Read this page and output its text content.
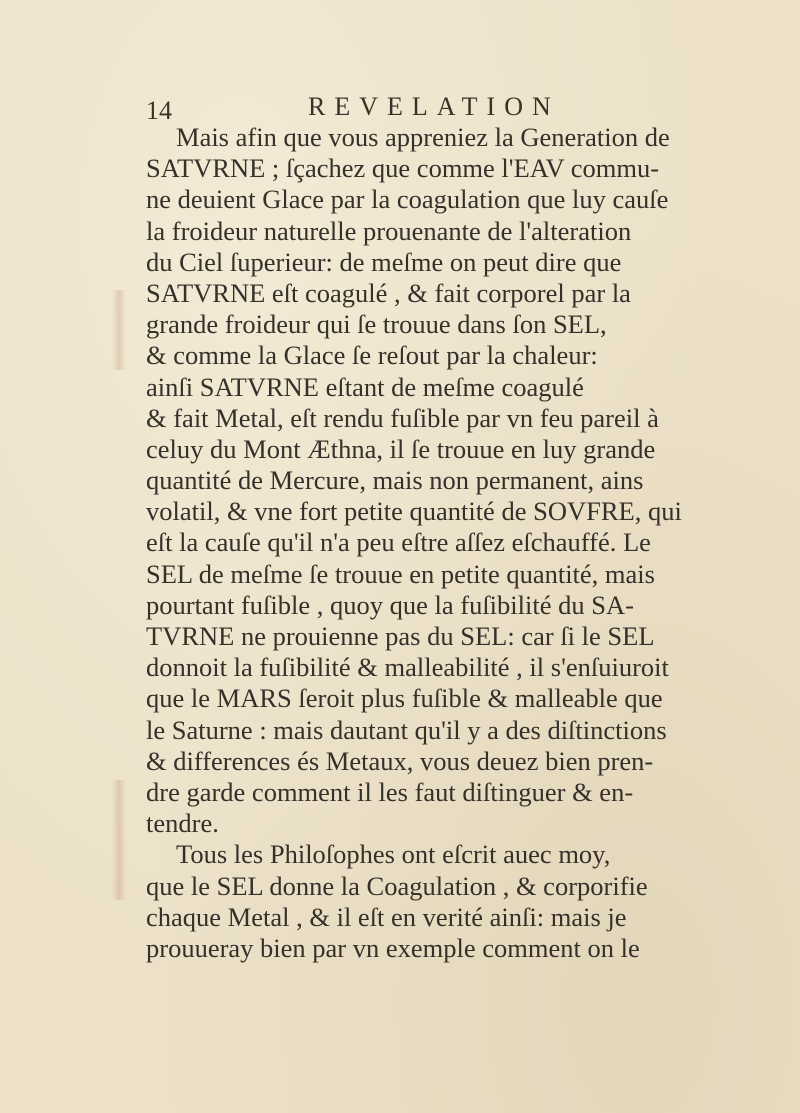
14	REVELATION
Mais afin que vous appreniez la Generation de
SATVRNE ; ſçachez que comme l'EAV commu-
ne deuient Glace par la coagulation que luy cauſe
la froideur naturelle prouenante de l'alteration
du Ciel ſuperieur: de meſme on peut dire que
SATVRNE eſt coagulé , & fait corporel par la
grande froideur qui ſe trouue dans ſon SEL,
& comme la Glace ſe reſout par la chaleur:
ainſi SATVRNE eſtant de meſme coagulé
& fait Metal, eſt rendu fuſible par vn feu pareil à
celuy du Mont Æthna, il ſe trouue en luy grande
quantité de Mercure, mais non permanent, ains
volatil, & vne fort petite quantité de SOVFRE, qui
eſt la cauſe qu'il n'a peu eſtre aſſez eſchauffé. Le
SEL de meſme ſe trouue en petite quantité, mais
pourtant fuſible , quoy que la fuſibilité du SA-
TVRNE ne prouienne pas du SEL: car ſi le SEL
donnoit la fuſibilité & malleabilité , il s'enſuiuroit
que le MARS ſeroit plus fuſible & malleable que
le Saturne : mais dautant qu'il y a des diſtinctions
& differences és Metaux, vous deuez bien pren-
dre garde comment il les faut diſtinguer & en-
tendre.
Tous les Philoſophes ont eſcrit auec moy,
que le SEL donne la Coagulation , & corporifie
chaque Metal , & il eſt en verité ainſi: mais je
prouueray bien par vn exemple comment on le
